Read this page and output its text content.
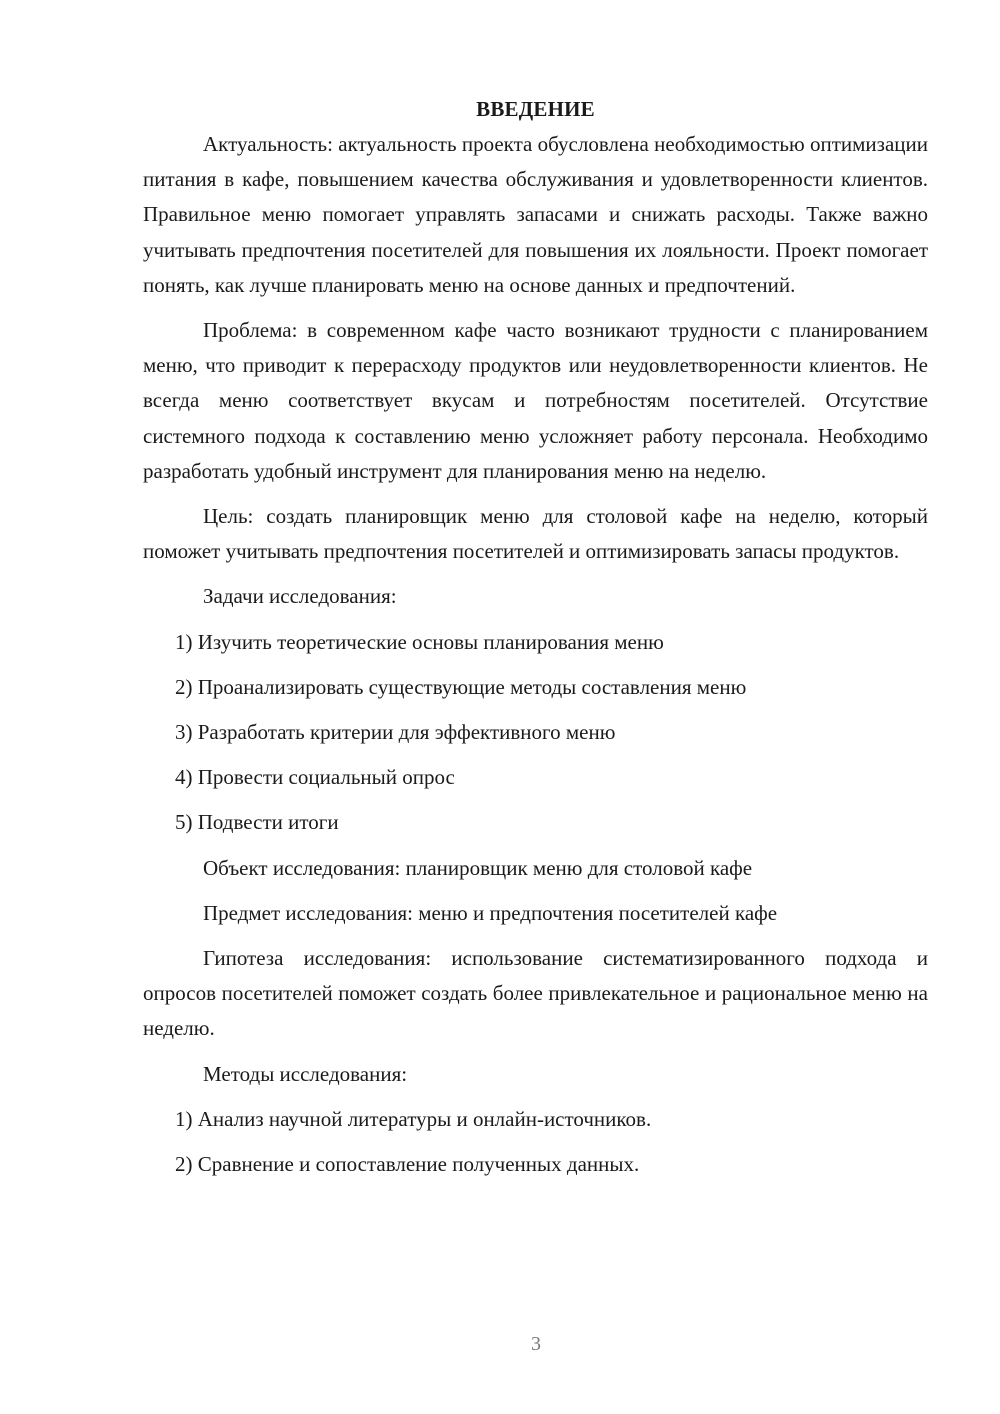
ВВЕДЕНИЕ

Актуальность: актуальность проекта обусловлена необходимостью оптимизации питания в кафе, повышением качества обслуживания и удовлетворенности клиентов. Правильное меню помогает управлять запасами и снижать расходы. Также важно учитывать предпочтения посетителей для повышения их лояльности. Проект помогает понять, как лучше планировать меню на основе данных и предпочтений.

Проблема: в современном кафе часто возникают трудности с планированием меню, что приводит к перерасходу продуктов или неудовлетворенности клиентов. Не всегда меню соответствует вкусам и потребностям посетителей. Отсутствие системного подхода к составлению меню усложняет работу персонала. Необходимо разработать удобный инструмент для планирования меню на неделю.

Цель: создать планировщик меню для столовой кафе на неделю, который поможет учитывать предпочтения посетителей и оптимизировать запасы продуктов.

Задачи исследования:

1) Изучить теоретические основы планирования меню

2) Проанализировать существующие методы составления меню

3) Разработать критерии для эффективного меню

4) Провести социальный опрос

5) Подвести итоги

Объект исследования: планировщик меню для столовой кафе

Предмет исследования: меню и предпочтения посетителей кафе

Гипотеза исследования: использование систематизированного подхода и опросов посетителей поможет создать более привлекательное и рациональное меню на неделю.

Методы исследования:

1) Анализ научной литературы и онлайн-источников.

2) Сравнение и сопоставление полученных данных.

3
